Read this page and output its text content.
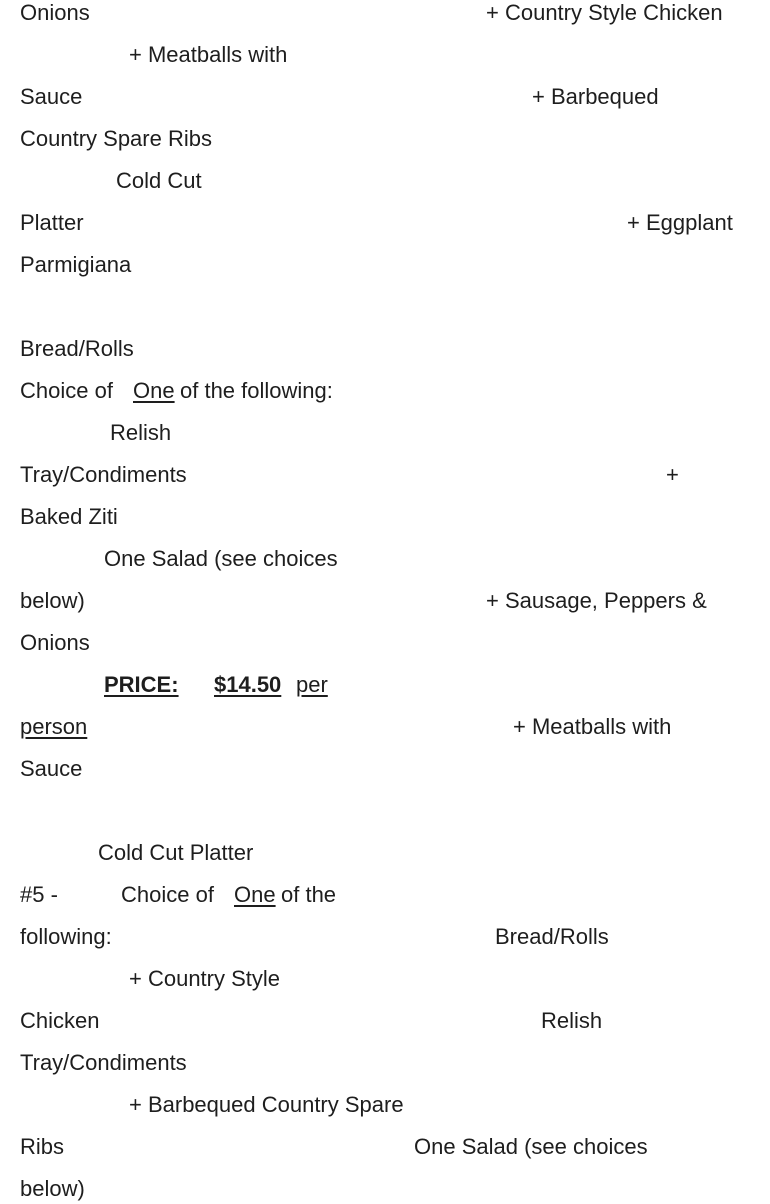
Onions	+ Country Style Chicken
+ Meatballs with
Sauce	+ Barbequed
Country Spare Ribs
Cold Cut
Platter	+ Eggplant
Parmigiana
Bread/Rolls
Choice of One of the following:
Relish
Tray/Condiments	+
Baked Ziti
One Salad (see choices
below)	+ Sausage, Peppers &
Onions
PRICE: $14.50 per
person	+ Meatballs with
Sauce
Cold Cut Platter
#5 -	Choice of One of the
following:	Bread/Rolls
+ Country Style
Chicken	Relish
Tray/Condiments
+ Barbequed Country Spare
Ribs	One Salad (see choices
below)
